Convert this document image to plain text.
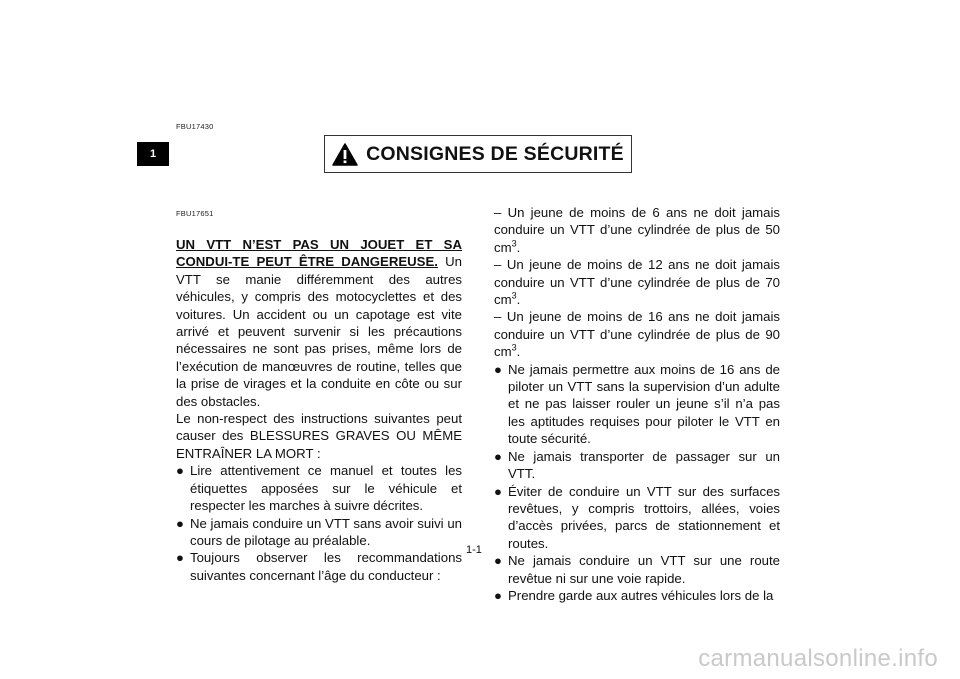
FBU17430
1	CONSIGNES DE SÉCURITÉ
FBU17651

UN VTT N’EST PAS UN JOUET ET SA CONDUI-TE PEUT ÊTRE DANGEREUSE. Un VTT se manie différemment des autres véhicules, y compris des motocyclettes et des voitures. Un accident ou un capotage est vite arrivé et peuvent survenir si les précautions nécessaires ne sont pas prises, même lors de l’exécution de manœuvres de routine, telles que la prise de virages et la conduite en côte ou sur des obstacles.

Le non-respect des instructions suivantes peut causer des BLESSURES GRAVES OU MÊME ENTRAÎNER LA MORT :

● Lire attentivement ce manuel et toutes les étiquettes apposées sur le véhicule et respecter les marches à suivre décrites.

● Ne jamais conduire un VTT sans avoir suivi un cours de pilotage au préalable.

● Toujours observer les recommandations suivantes concernant l’âge du conducteur :

– Un jeune de moins de 6 ans ne doit jamais conduire un VTT d’une cylindrée de plus de 50 $cm^3$.

– Un jeune de moins de 12 ans ne doit jamais conduire un VTT d’une cylindrée de plus de 70 $cm^3$.

– Un jeune de moins de 16 ans ne doit jamais conduire un VTT d’une cylindrée de plus de 90 $cm^3$.

● Ne jamais permettre aux moins de 16 ans de piloter un VTT sans la supervision d’un adulte et ne pas laisser rouler un jeune s’il n’a pas les aptitudes requises pour piloter le VTT en toute sécurité.

● Ne jamais transporter de passager sur un VTT.

● Éviter de conduire un VTT sur des surfaces revêtues, y compris trottoirs, allées, voies d’accès privées, parcs de stationnement et routes.

● Ne jamais conduire un VTT sur une route revêtue ni sur une voie rapide.

● Prendre garde aux autres véhicules lors de la

1-1
carmanualsonline.info
